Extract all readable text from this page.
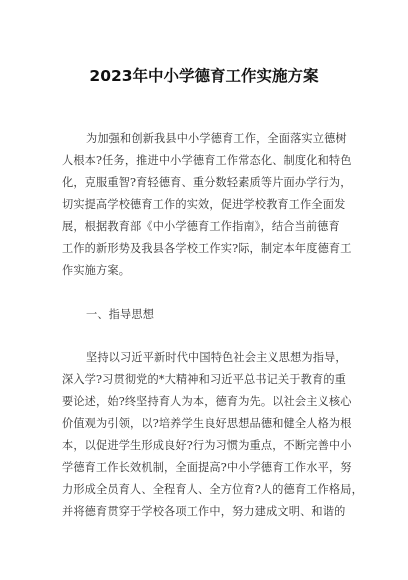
2023年中小学德育工作实施方案
为加强和创新我县中小学德育工作，全面落实立德树
人根本?任务，推进中小学德育工作常态化、制度化和特色
化，克服重智?育轻德育、重分数轻素质等片面办学行为，
切实提高学校德育工作的实效，促进学校教育工作全面发
展，根据教育部《中小学德育工作指南》，结合当前德育
工作的新形势及我县各学校工作实?际，制定本年度德育工
作实施方案。
一、指导思想
坚持以习近平新时代中国特色社会主义思想为指导，
深入学?习贯彻党的*大精神和习近平总书记关于教育的重
要论述，始?终坚持育人为本，德育为先。以社会主义核心
价值观为引领，以?培养学生良好思想品德和健全人格为根
本，以促进学生形成良好?行为习惯为重点，不断完善中小
学德育工作长效机制，全面提高?中小学德育工作水平，努
力形成全员育人、全程育人、全方位育?人的德育工作格局，
并将德育贯穿于学校各项工作中，努力建成文明、和谐的
